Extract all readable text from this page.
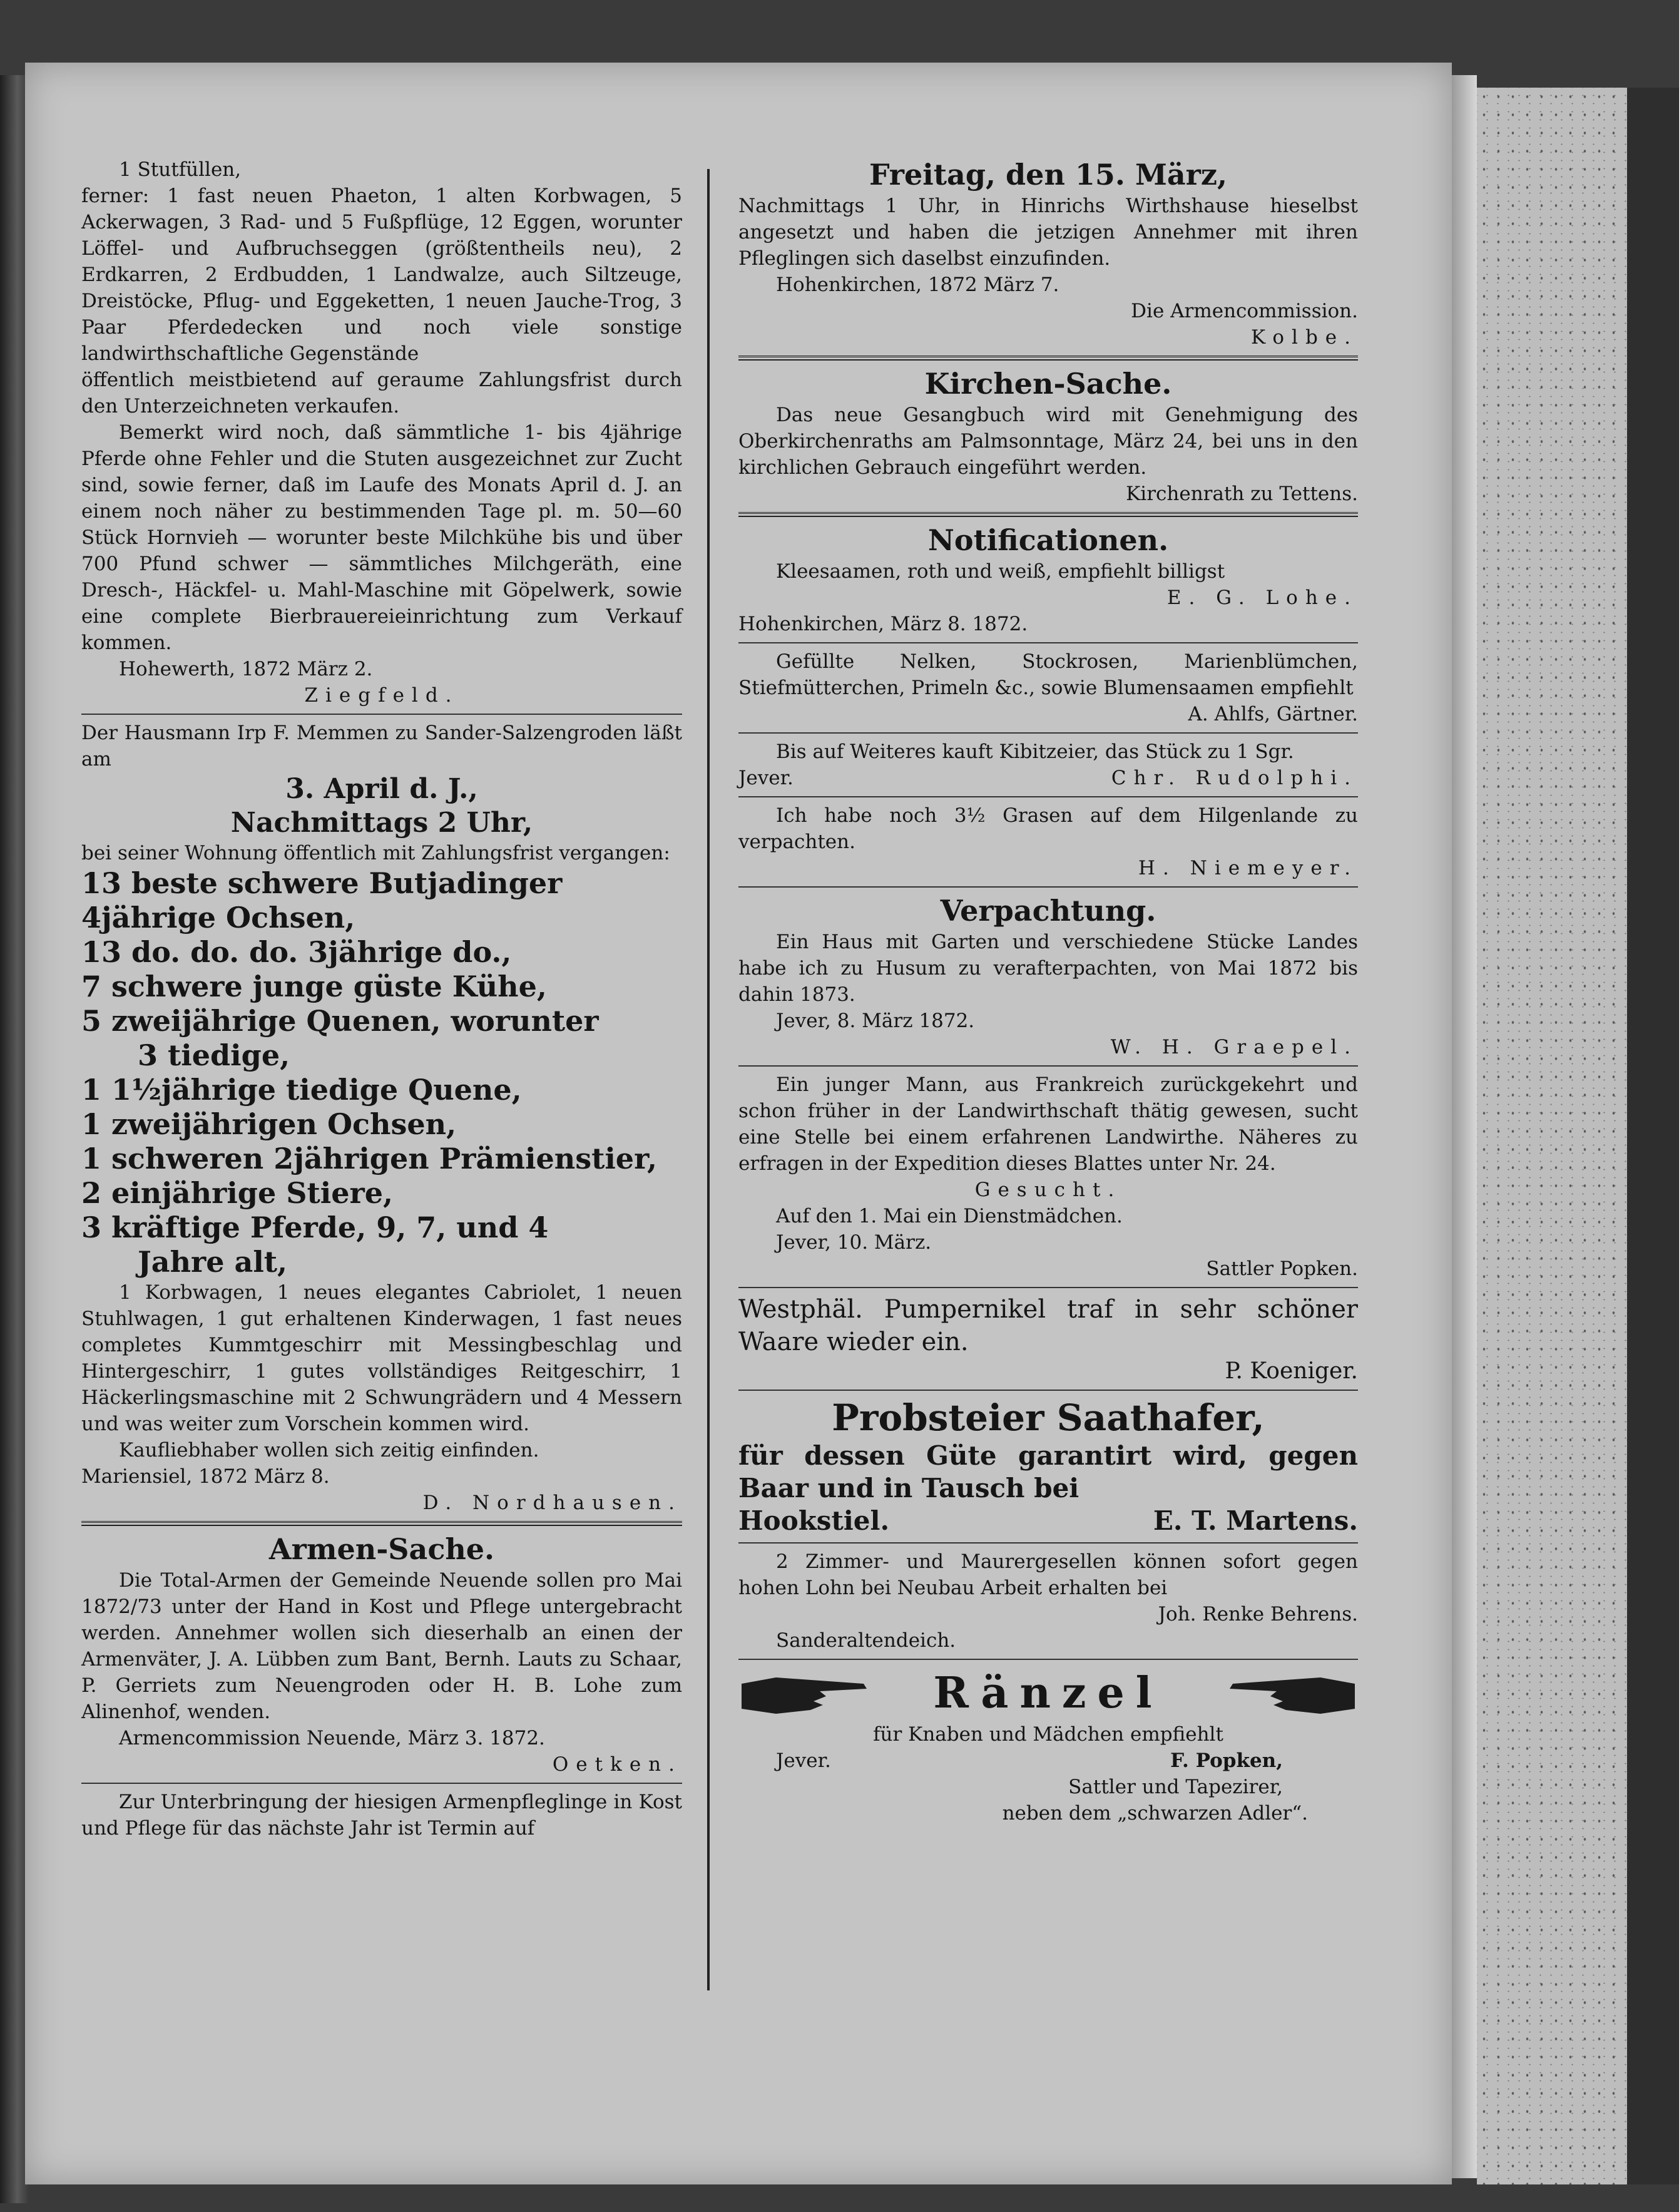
1 Stutfüllen,

ferner: 1 fast neuen Phaeton, 1 alten Korbwagen, 5 Ackerwagen, 3 Rad- und 5 Fußpflüge, 12 Eggen, worunter Löffel- und Aufbruchseggen (größtentheils neu), 2 Erdkarren, 2 Erdbudden, 1 Landwalze, auch Siltzeuge, Dreistöcke, Pflug- und Eggeketten, 1 neuen Jauche-Trog, 3 Paar Pferdedecken und noch viele sonstige landwirthschaftliche Gegenstände

öffentlich meistbietend auf geraume Zahlungsfrist durch den Unterzeichneten verkaufen.

Bemerkt wird noch, daß sämmtliche 1- bis 4jährige Pferde ohne Fehler und die Stuten ausgezeichnet zur Zucht sind, sowie ferner, daß im Laufe des Monats April d. J. an einem noch näher zu bestimmenden Tage pl. m. 50—60 Stück Hornvieh — worunter beste Milchkühe bis und über 700 Pfund schwer — sämmtliches Milchgeräth, eine Dresch-, Häckfel- u. Mahl-Maschine mit Göpelwerk, sowie eine complete Bierbrauereieinrichtung zum Verkauf kommen.

Hohewerth, 1872 März 2.

Ziegfeld.

Der Hausmann Irp F. Memmen zu Sander-Salzengroden läßt am

3. April d. J.,

Nachmittags 2 Uhr,

bei seiner Wohnung öffentlich mit Zahlungsfrist vergangen:

13 beste schwere Butjadinger 4jährige Ochsen,

13 do. do. do. 3jährige do.,

7 schwere junge güste Kühe,

5 zweijährige Quenen, worunter

3 tiedige,

1 1½jährige tiedige Quene,

1 zweijährigen Ochsen,

1 schweren 2jährigen Prämienstier,

2 einjährige Stiere,

3 kräftige Pferde, 9, 7, und 4

Jahre alt,

1 Korbwagen, 1 neues elegantes Cabriolet, 1 neuen Stuhlwagen, 1 gut erhaltenen Kinderwagen, 1 fast neues completes Kummtgeschirr mit Messingbeschlag und Hintergeschirr, 1 gutes vollständiges Reitgeschirr, 1 Häckerlingsmaschine mit 2 Schwungrädern und 4 Messern und was weiter zum Vorschein kommen wird.

Kaufliebhaber wollen sich zeitig einfinden.

Mariensiel, 1872 März 8.

D. Nordhausen.

Armen-Sache.

Die Total-Armen der Gemeinde Neuende sollen pro Mai 1872/73 unter der Hand in Kost und Pflege untergebracht werden. Annehmer wollen sich dieserhalb an einen der Armenväter, J. A. Lübben zum Bant, Bernh. Lauts zu Schaar, P. Gerriets zum Neuengroden oder H. B. Lohe zum Alinenhof, wenden.

Armencommission Neuende, März 3. 1872.

Oetken.

Zur Unterbringung der hiesigen Armenpfleglinge in Kost und Pflege für das nächste Jahr ist Termin auf

Freitag, den 15. März,

Nachmittags 1 Uhr, in Hinrichs Wirthshause hieselbst angesetzt und haben die jetzigen Annehmer mit ihren Pfleglingen sich daselbst einzufinden.

Hohenkirchen, 1872 März 7.

Die Armencommission.

Kolbe.

Kirchen-Sache.

Das neue Gesangbuch wird mit Genehmigung des Oberkirchenraths am Palmsonntage, März 24, bei uns in den kirchlichen Gebrauch eingeführt werden.

Kirchenrath zu Tettens.

Notificationen.

Kleesaamen, roth und weiß, empfiehlt billigst

E. G. Lohe.

Hohenkirchen, März 8. 1872.

Gefüllte Nelken, Stockrosen, Marienblümchen, Stiefmütterchen, Primeln &c., sowie Blumensaamen empfiehlt

A. Ahlfs, Gärtner.

Bis auf Weiteres kauft Kibitzeier, das Stück zu 1 Sgr.

Jever.	Chr. Rudolphi.

Ich habe noch 3½ Grasen auf dem Hilgenlande zu verpachten.

H. Niemeyer.

Verpachtung.

Ein Haus mit Garten und verschiedene Stücke Landes habe ich zu Husum zu verafterpachten, von Mai 1872 bis dahin 1873.

Jever, 8. März 1872.

W. H. Graepel.

Ein junger Mann, aus Frankreich zurückgekehrt und schon früher in der Landwirthschaft thätig gewesen, sucht eine Stelle bei einem erfahrenen Landwirthe. Näheres zu erfragen in der Expedition dieses Blattes unter Nr. 24.

Gesucht.

Auf den 1. Mai ein Dienstmädchen.

Jever, 10. März.

Sattler Popken.

Westphäl. Pumpernikel traf in sehr schöner Waare wieder ein.

P. Koeniger.

Probsteier Saathafer,

für dessen Güte garantirt wird, gegen Baar und in Tausch bei

Hookstiel.	E. T. Martens.

2 Zimmer- und Maurergesellen können sofort gegen hohen Lohn bei Neubau Arbeit erhalten bei

Joh. Renke Behrens.

Sanderaltendeich.

Ränzel

für Knaben und Mädchen empfiehlt

Jever.	F. Popken,

Sattler und Tapezirer,

neben dem „schwarzen Adler“.
